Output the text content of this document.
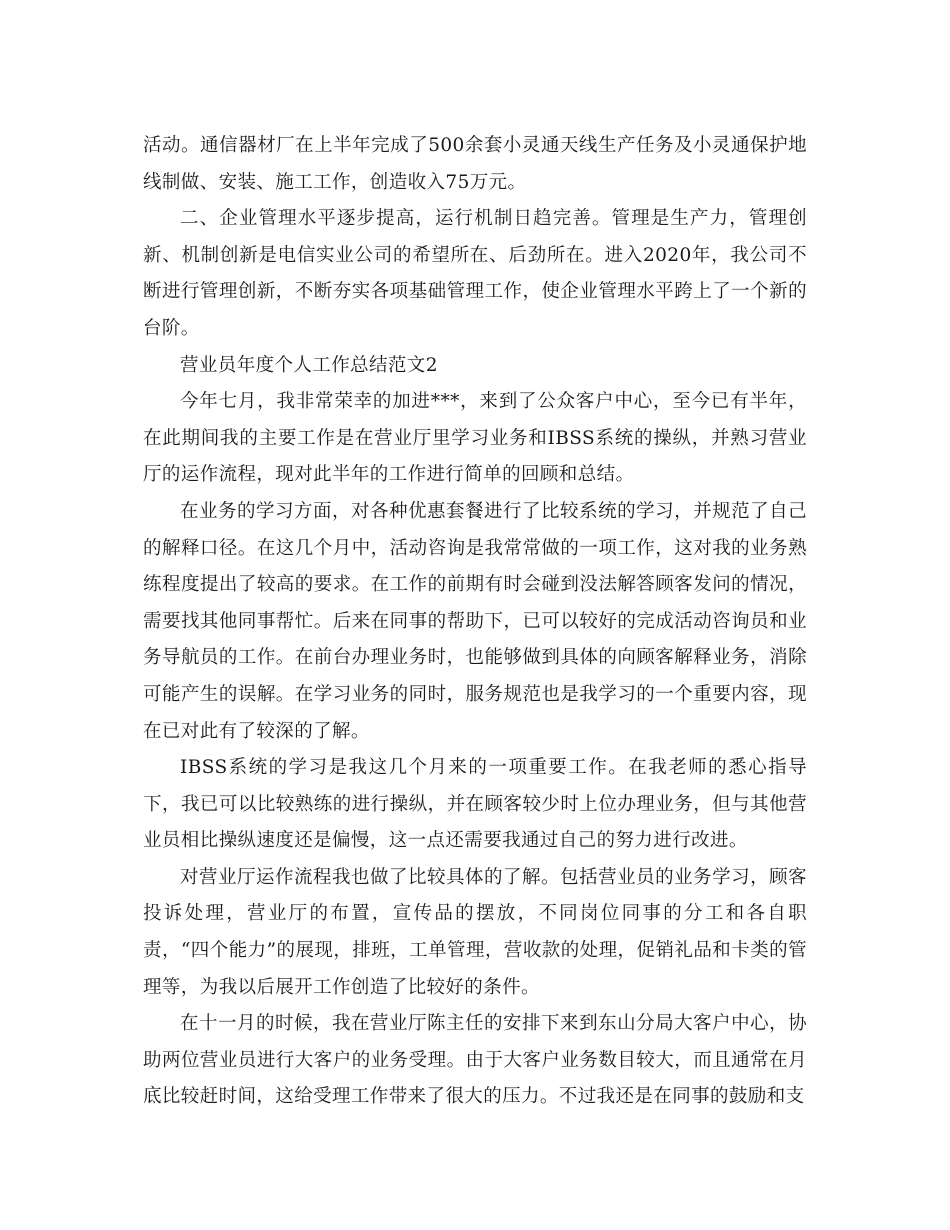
活动。通信器材厂在上半年完成了500余套小灵通天线生产任务及小灵通保护地线制做、安装、施工工作，创造收入75万元。

二、企业管理水平逐步提高，运行机制日趋完善。管理是生产力，管理创新、机制创新是电信实业公司的希望所在、后劲所在。进入2020年，我公司不断进行管理创新，不断夯实各项基础管理工作，使企业管理水平跨上了一个新的台阶。

营业员年度个人工作总结范文2

今年七月，我非常荣幸的加进***，来到了公众客户中心，至今已有半年，在此期间我的主要工作是在营业厅里学习业务和IBSS系统的操纵，并熟习营业厅的运作流程，现对此半年的工作进行简单的回顾和总结。

在业务的学习方面，对各种优惠套餐进行了比较系统的学习，并规范了自己的解释口径。在这几个月中，活动咨询是我常常做的一项工作，这对我的业务熟练程度提出了较高的要求。在工作的前期有时会碰到没法解答顾客发问的情况，需要找其他同事帮忙。后来在同事的帮助下，已可以较好的完成活动咨询员和业务导航员的工作。在前台办理业务时，也能够做到具体的向顾客解释业务，消除可能产生的误解。在学习业务的同时，服务规范也是我学习的一个重要内容，现在已对此有了较深的了解。

IBSS系统的学习是我这几个月来的一项重要工作。在我老师的悉心指导下，我已可以比较熟练的进行操纵，并在顾客较少时上位办理业务，但与其他营业员相比操纵速度还是偏慢，这一点还需要我通过自己的努力进行改进。

对营业厅运作流程我也做了比较具体的了解。包括营业员的业务学习，顾客投诉处理，营业厅的布置，宣传品的摆放，不同岗位同事的分工和各自职责，“四个能力”的展现，排班，工单管理，营收款的处理，促销礼品和卡类的管理等，为我以后展开工作创造了比较好的条件。

在十一月的时候，我在营业厅陈主任的安排下来到东山分局大客户中心，协助两位营业员进行大客户的业务受理。由于大客户业务数目较大，而且通常在月底比较赶时间，这给受理工作带来了很大的压力。不过我还是在同事的鼓励和支
